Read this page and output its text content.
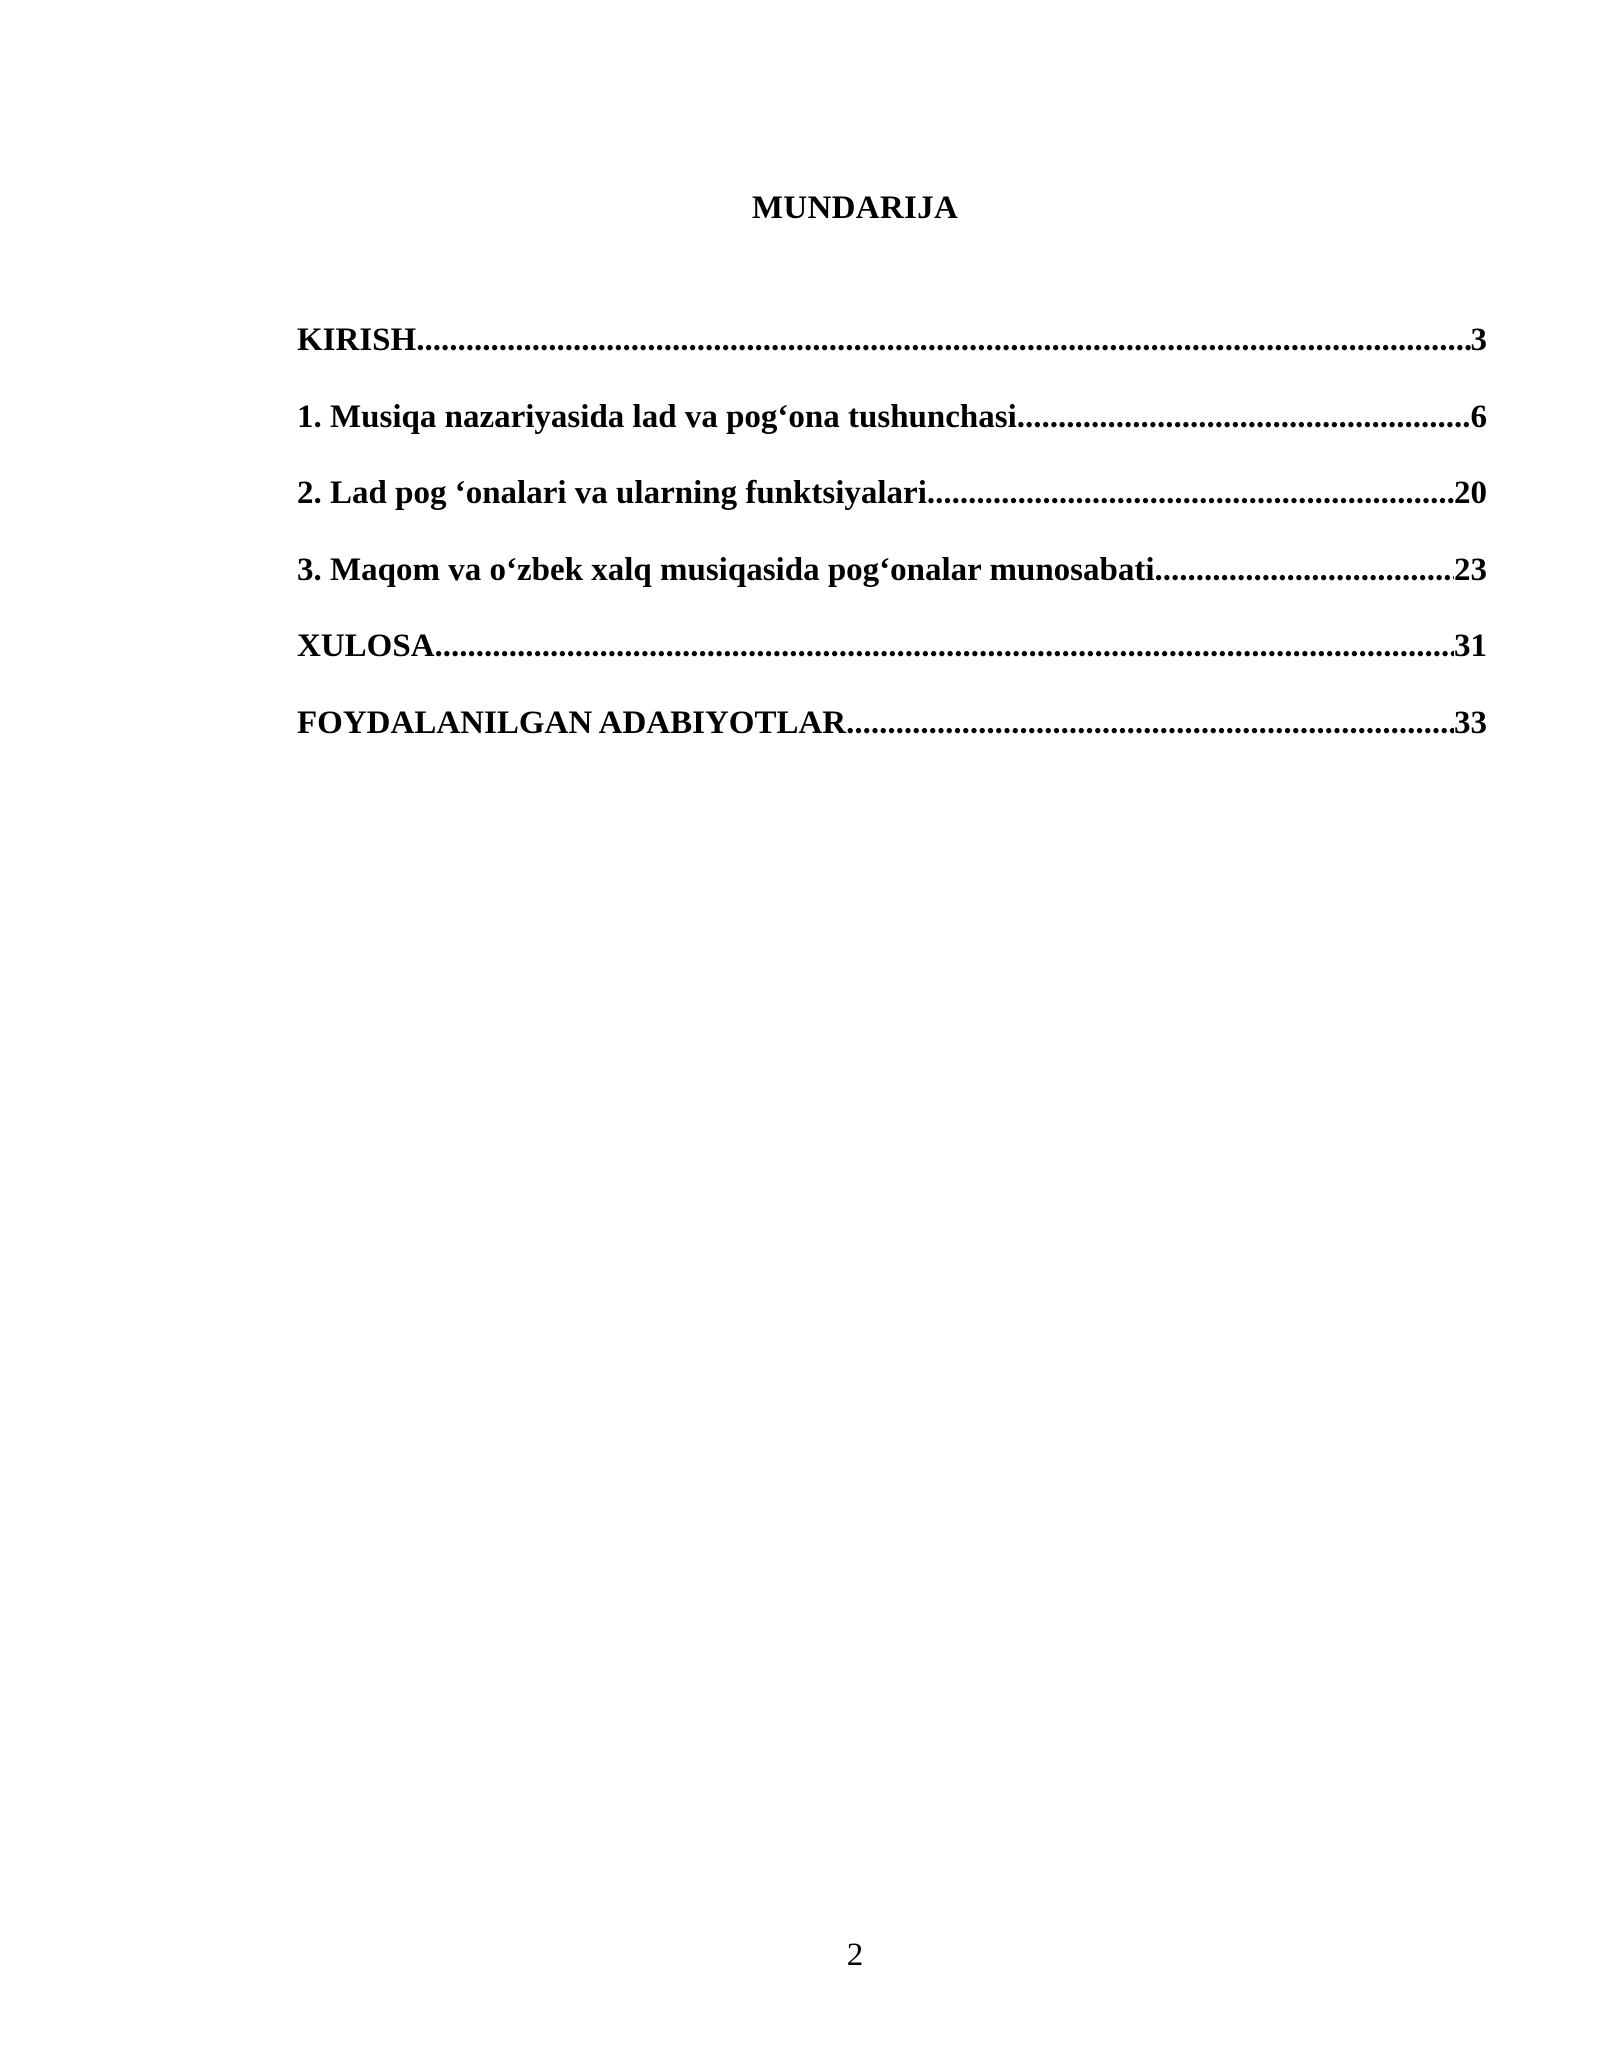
MUNDARIJA
KIRISH .....	3
1. Musiqa nazariyasida lad va pog‘ona tushunchasi .....	6
2. Lad pog ‘onalari va ularning funktsiyalari .....	20
3. Maqom va o‘zbek xalq musiqasida pog‘onalar munosabati .....	23
XULOSA .....	31
FOYDALANILGAN ADABIYOTLAR .....	33

2
